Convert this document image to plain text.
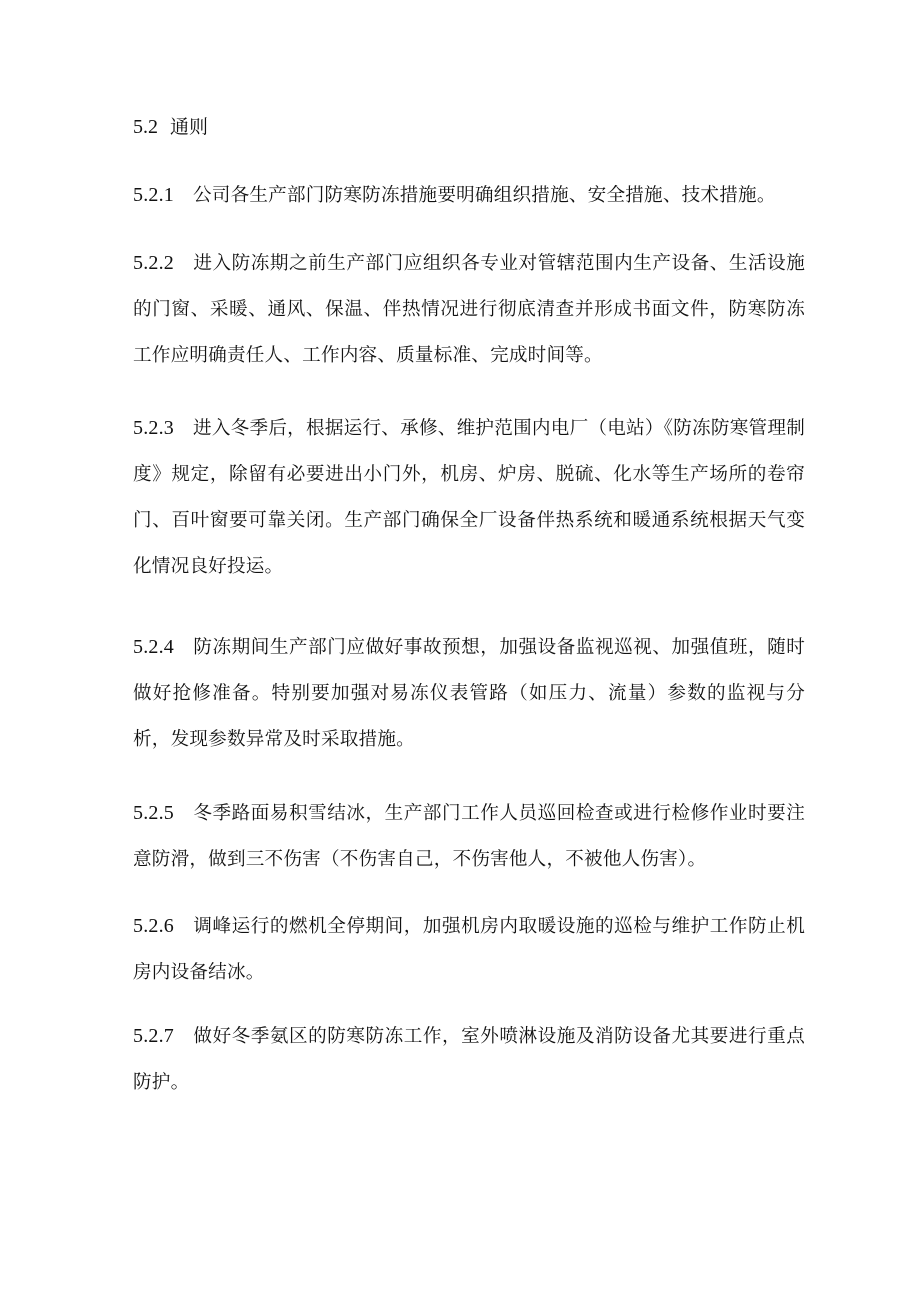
5.2 通则

5.2.1 公司各生产部门防寒防冻措施要明确组织措施、安全措施、技术措施。

5.2.2 进入防冻期之前生产部门应组织各专业对管辖范围内生产设备、生活设施的门窗、采暖、通风、保温、伴热情况进行彻底清查并形成书面文件，防寒防冻工作应明确责任人、工作内容、质量标准、完成时间等。

5.2.3 进入冬季后，根据运行、承修、维护范围内电厂（电站）《防冻防寒管理制度》规定，除留有必要进出小门外，机房、炉房、脱硫、化水等生产场所的卷帘门、百叶窗要可靠关闭。生产部门确保全厂设备伴热系统和暖通系统根据天气变化情况良好投运。

5.2.4 防冻期间生产部门应做好事故预想，加强设备监视巡视、加强值班，随时做好抢修准备。特别要加强对易冻仪表管路（如压力、流量）参数的监视与分析，发现参数异常及时采取措施。

5.2.5 冬季路面易积雪结冰，生产部门工作人员巡回检查或进行检修作业时要注意防滑，做到三不伤害（不伤害自己，不伤害他人，不被他人伤害）。

5.2.6 调峰运行的燃机全停期间，加强机房内取暖设施的巡检与维护工作防止机房内设备结冰。

5.2.7 做好冬季氨区的防寒防冻工作，室外喷淋设施及消防设备尤其要进行重点防护。
